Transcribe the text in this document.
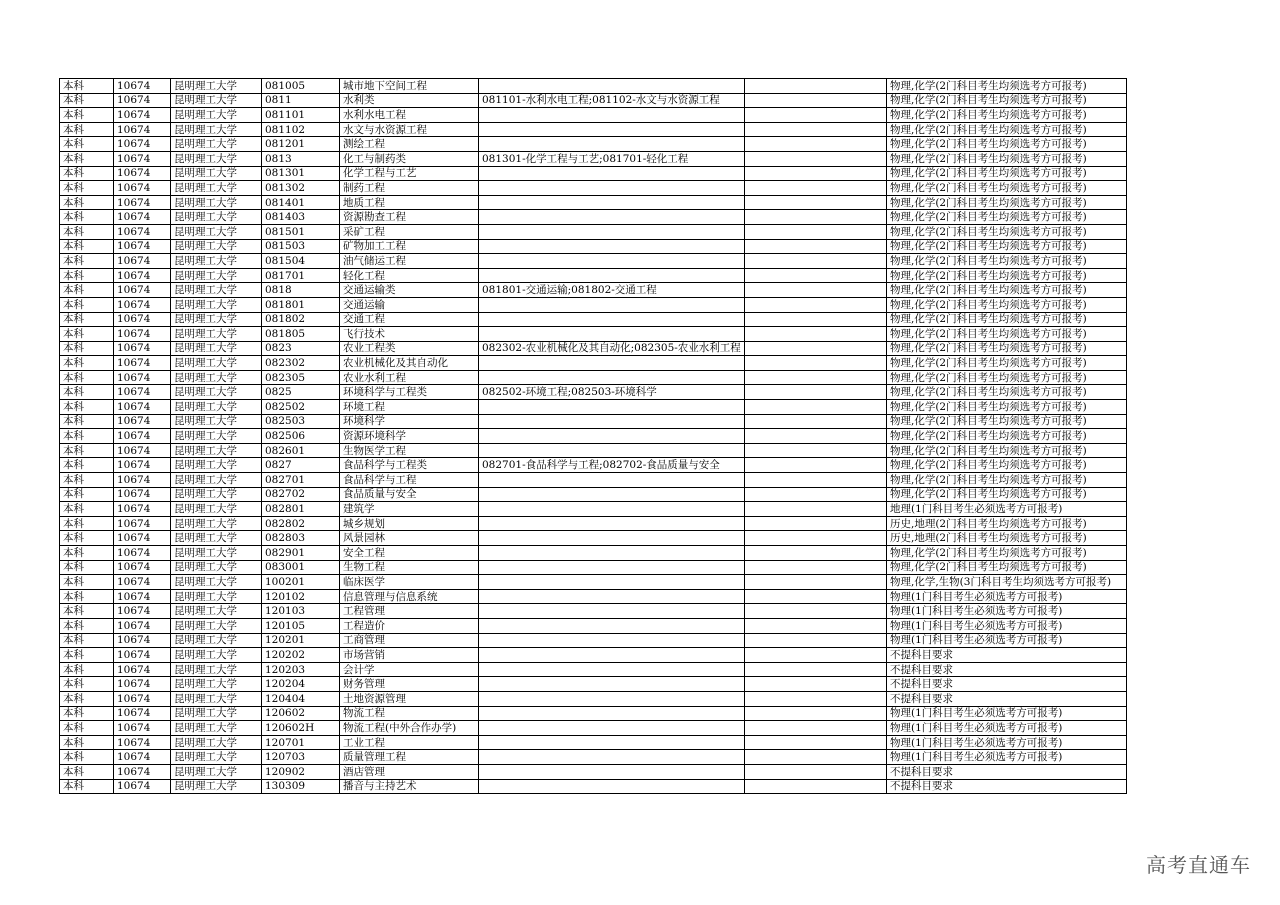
本科	10674	昆明理工大学	081005	城市地下空间工程			物理,化学(2门科目考生均须选考方可报考)
本科	10674	昆明理工大学	0811	水利类	081101-水利水电工程;081102-水文与水资源工程		物理,化学(2门科目考生均须选考方可报考)
本科	10674	昆明理工大学	081101	水利水电工程			物理,化学(2门科目考生均须选考方可报考)
本科	10674	昆明理工大学	081102	水文与水资源工程			物理,化学(2门科目考生均须选考方可报考)
本科	10674	昆明理工大学	081201	测绘工程			物理,化学(2门科目考生均须选考方可报考)
本科	10674	昆明理工大学	0813	化工与制药类	081301-化学工程与工艺;081701-轻化工程		物理,化学(2门科目考生均须选考方可报考)
本科	10674	昆明理工大学	081301	化学工程与工艺			物理,化学(2门科目考生均须选考方可报考)
本科	10674	昆明理工大学	081302	制药工程			物理,化学(2门科目考生均须选考方可报考)
本科	10674	昆明理工大学	081401	地质工程			物理,化学(2门科目考生均须选考方可报考)
本科	10674	昆明理工大学	081403	资源勘查工程			物理,化学(2门科目考生均须选考方可报考)
本科	10674	昆明理工大学	081501	采矿工程			物理,化学(2门科目考生均须选考方可报考)
本科	10674	昆明理工大学	081503	矿物加工工程			物理,化学(2门科目考生均须选考方可报考)
本科	10674	昆明理工大学	081504	油气储运工程			物理,化学(2门科目考生均须选考方可报考)
本科	10674	昆明理工大学	081701	轻化工程			物理,化学(2门科目考生均须选考方可报考)
本科	10674	昆明理工大学	0818	交通运输类	081801-交通运输;081802-交通工程		物理,化学(2门科目考生均须选考方可报考)
本科	10674	昆明理工大学	081801	交通运输			物理,化学(2门科目考生均须选考方可报考)
本科	10674	昆明理工大学	081802	交通工程			物理,化学(2门科目考生均须选考方可报考)
本科	10674	昆明理工大学	081805	飞行技术			物理,化学(2门科目考生均须选考方可报考)
本科	10674	昆明理工大学	0823	农业工程类	082302-农业机械化及其自动化;082305-农业水利工程		物理,化学(2门科目考生均须选考方可报考)
本科	10674	昆明理工大学	082302	农业机械化及其自动化			物理,化学(2门科目考生均须选考方可报考)
本科	10674	昆明理工大学	082305	农业水利工程			物理,化学(2门科目考生均须选考方可报考)
本科	10674	昆明理工大学	0825	环境科学与工程类	082502-环境工程;082503-环境科学		物理,化学(2门科目考生均须选考方可报考)
本科	10674	昆明理工大学	082502	环境工程			物理,化学(2门科目考生均须选考方可报考)
本科	10674	昆明理工大学	082503	环境科学			物理,化学(2门科目考生均须选考方可报考)
本科	10674	昆明理工大学	082506	资源环境科学			物理,化学(2门科目考生均须选考方可报考)
本科	10674	昆明理工大学	082601	生物医学工程			物理,化学(2门科目考生均须选考方可报考)
本科	10674	昆明理工大学	0827	食品科学与工程类	082701-食品科学与工程;082702-食品质量与安全		物理,化学(2门科目考生均须选考方可报考)
本科	10674	昆明理工大学	082701	食品科学与工程			物理,化学(2门科目考生均须选考方可报考)
本科	10674	昆明理工大学	082702	食品质量与安全			物理,化学(2门科目考生均须选考方可报考)
本科	10674	昆明理工大学	082801	建筑学			地理(1门科目考生必须选考方可报考)
本科	10674	昆明理工大学	082802	城乡规划			历史,地理(2门科目考生均须选考方可报考)
本科	10674	昆明理工大学	082803	风景园林			历史,地理(2门科目考生均须选考方可报考)
本科	10674	昆明理工大学	082901	安全工程			物理,化学(2门科目考生均须选考方可报考)
本科	10674	昆明理工大学	083001	生物工程			物理,化学(2门科目考生均须选考方可报考)
本科	10674	昆明理工大学	100201	临床医学			物理,化学,生物(3门科目考生均须选考方可报考)
本科	10674	昆明理工大学	120102	信息管理与信息系统			物理(1门科目考生必须选考方可报考)
本科	10674	昆明理工大学	120103	工程管理			物理(1门科目考生必须选考方可报考)
本科	10674	昆明理工大学	120105	工程造价			物理(1门科目考生必须选考方可报考)
本科	10674	昆明理工大学	120201	工商管理			物理(1门科目考生必须选考方可报考)
本科	10674	昆明理工大学	120202	市场营销			不提科目要求
本科	10674	昆明理工大学	120203	会计学			不提科目要求
本科	10674	昆明理工大学	120204	财务管理			不提科目要求
本科	10674	昆明理工大学	120404	土地资源管理			不提科目要求
本科	10674	昆明理工大学	120602	物流工程			物理(1门科目考生必须选考方可报考)
本科	10674	昆明理工大学	120602H	物流工程(中外合作办学)			物理(1门科目考生必须选考方可报考)
本科	10674	昆明理工大学	120701	工业工程			物理(1门科目考生必须选考方可报考)
本科	10674	昆明理工大学	120703	质量管理工程			物理(1门科目考生必须选考方可报考)
本科	10674	昆明理工大学	120902	酒店管理			不提科目要求
本科	10674	昆明理工大学	130309	播音与主持艺术			不提科目要求
高考直通车
